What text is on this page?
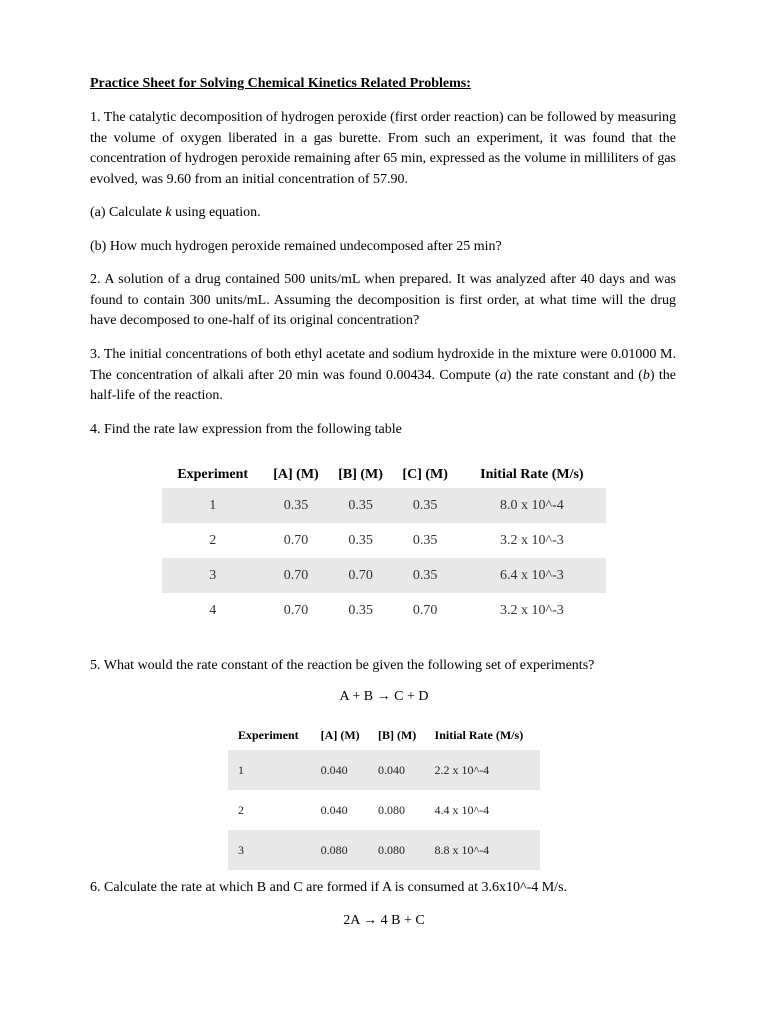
Practice Sheet for Solving Chemical Kinetics Related Problems:
1. The catalytic decomposition of hydrogen peroxide (first order reaction) can be followed by measuring the volume of oxygen liberated in a gas burette. From such an experiment, it was found that the concentration of hydrogen peroxide remaining after 65 min, expressed as the volume in milliliters of gas evolved, was 9.60 from an initial concentration of 57.90.
(a) Calculate k using equation.
(b) How much hydrogen peroxide remained undecomposed after 25 min?
2. A solution of a drug contained 500 units/mL when prepared. It was analyzed after 40 days and was found to contain 300 units/mL. Assuming the decomposition is first order, at what time will the drug have decomposed to one-half of its original concentration?
3. The initial concentrations of both ethyl acetate and sodium hydroxide in the mixture were 0.01000 M. The concentration of alkali after 20 min was found 0.00434. Compute (a) the rate constant and (b) the half-life of the reaction.
4. Find the rate law expression from the following table
Experiment	[A] (M)	[B] (M)	[C] (M)	Initial Rate (M/s)
1	0.35	0.35	0.35	8.0 x 10^-4
2	0.70	0.35	0.35	3.2 x 10^-3
3	0.70	0.70	0.35	6.4 x 10^-3
4	0.70	0.35	0.70	3.2 x 10^-3
5. What would the rate constant of the reaction be given the following set of experiments?
A + B → C + D
Experiment	[A] (M)	[B] (M)	Initial Rate (M/s)
1	0.040	0.040	2.2 x 10^-4
2	0.040	0.080	4.4 x 10^-4
3	0.080	0.080	8.8 x 10^-4
6. Calculate the rate at which B and C are formed if A is consumed at 3.6x10^-4 M/s.
2A → 4 B + C
